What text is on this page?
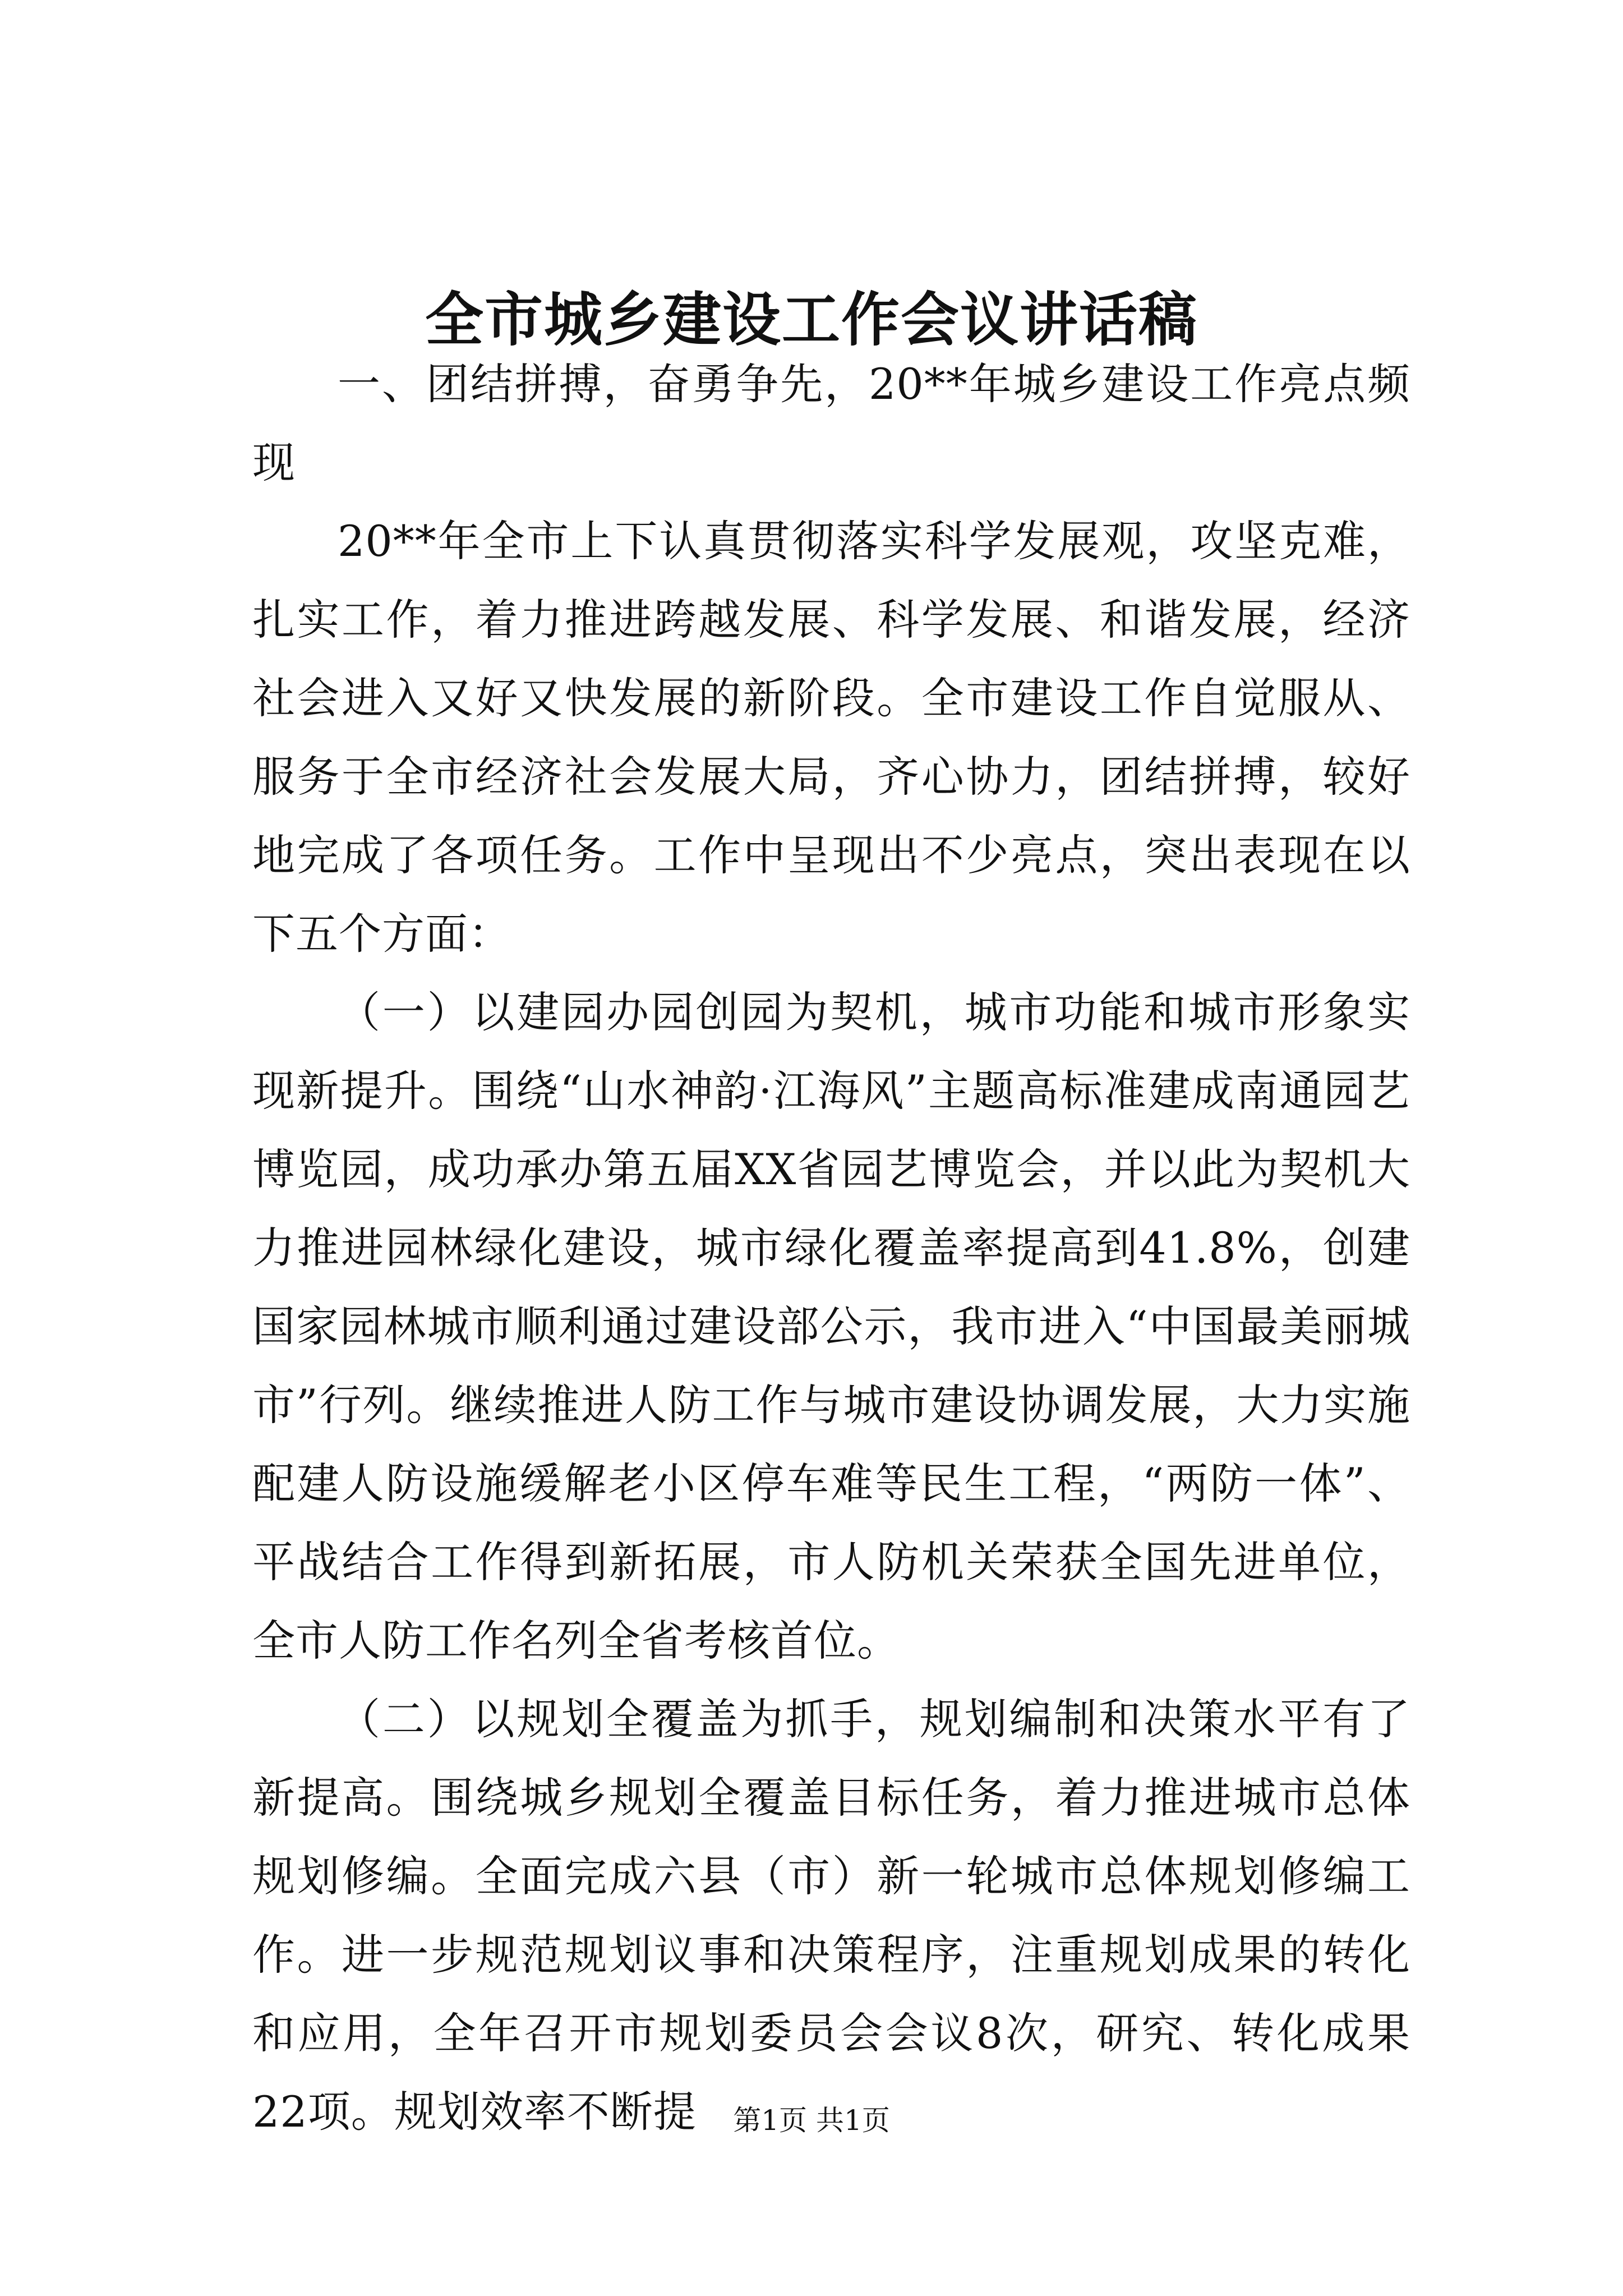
全市城乡建设工作会议讲话稿

一、团结拼搏，奋勇争先，20**年城乡建设工作亮点频现

20**年全市上下认真贯彻落实科学发展观，攻坚克难，扎实工作，着力推进跨越发展、科学发展、和谐发展，经济社会进入又好又快发展的新阶段。全市建设工作自觉服从、服务于全市经济社会发展大局，齐心协力，团结拼搏，较好地完成了各项任务。工作中呈现出不少亮点，突出表现在以下五个方面：

（一）以建园办园创园为契机，城市功能和城市形象实现新提升。围绕“山水神韵·江海风”主题高标准建成南通园艺博览园，成功承办第五届XX省园艺博览会，并以此为契机大力推进园林绿化建设，城市绿化覆盖率提高到41.8%，创建国家园林城市顺利通过建设部公示，我市进入“中国最美丽城市”行列。继续推进人防工作与城市建设协调发展，大力实施配建人防设施缓解老小区停车难等民生工程，“两防一体”、平战结合工作得到新拓展，市人防机关荣获全国先进单位，全市人防工作名列全省考核首位。

（二）以规划全覆盖为抓手，规划编制和决策水平有了新提高。围绕城乡规划全覆盖目标任务，着力推进城市总体规划修编。全面完成六县（市）新一轮城市总体规划修编工作。进一步规范规划议事和决策程序，注重规划成果的转化和应用，全年召开市规划委员会会议8次，研究、转化成果22项。规划效率不断提	第1页 共1页
